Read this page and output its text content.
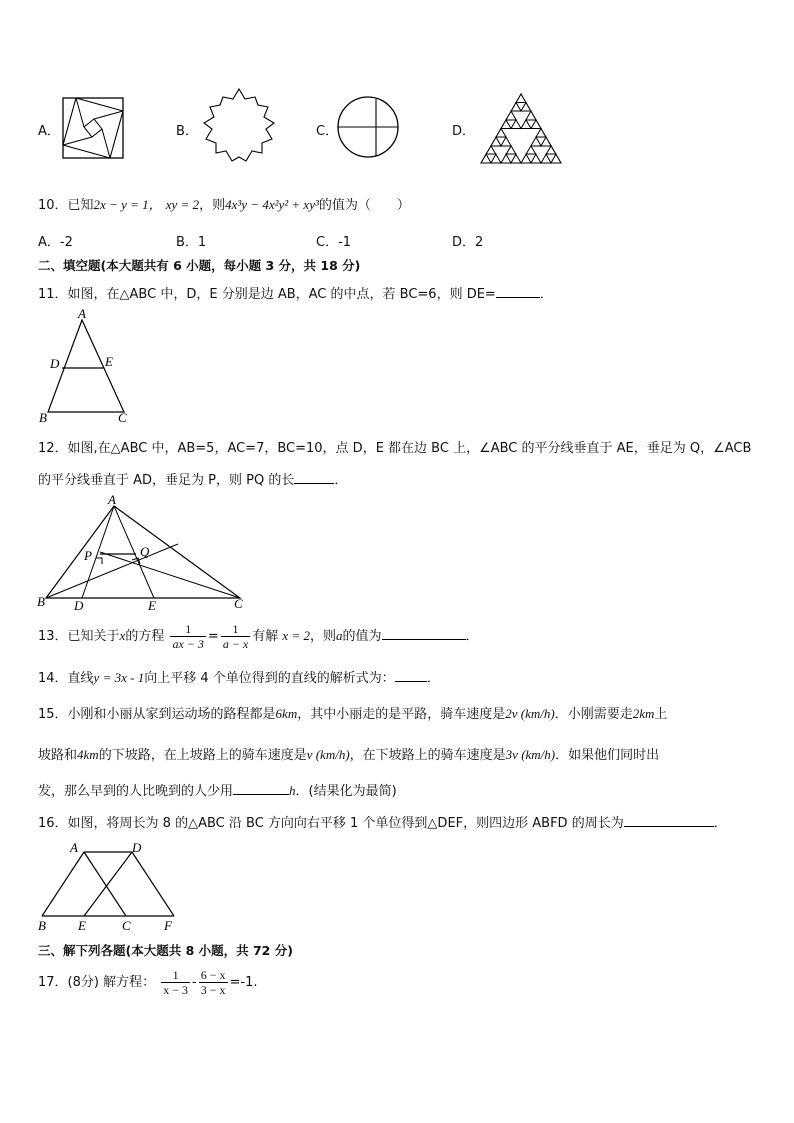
A．	B．	C．	D．
10．已知2x − y = 1， xy = 2，则4x³y − 4x²y² + xy³的值为（　　）
A．-2	B．1	C．-1	D．2
二、填空题(本大题共有 6 小题，每小题 3 分，共 18 分)
11．如图，在△ABC 中，D，E 分别是边 AB，AC 的中点，若 BC=6，则 DE=	．
A
D	E
B	C
12．如图,在△ABC 中，AB=5，AC=7，BC=10，点 D，E 都在边 BC 上，∠ABC 的平分线垂直于 AE，垂足为 Q，∠ACB
的平分线垂直于 AD，垂足为 P，则 PQ 的长	．
A
P	Q
B D	E	C
13．已知关于x的方程 $\frac{1}{ax - 3} = \frac{1}{a - x}$ 有解 x = 2，则a的值为	．
14．直线y = 3x - 1向上平移 4 个单位得到的直线的解析式为： ．
15．小刚和小丽从家到运动场的路程都是6km，其中小丽走的是平路，骑车速度是2v (km/h)．小刚需要走2km上
坡路和4km的下坡路，在上坡路上的骑车速度是v (km/h)，在下坡路上的骑车速度是3v (km/h)．如果他们同时出
发，那么早到的人比晚到的人少用	h．(结果化为最简)
16．如图，将周长为 8 的△ABC 沿 BC 方向向右平移 1 个单位得到△DEF，则四边形 ABFD 的周长为	．
A	D
B E	C	F
三、解下列各题(本大题共 8 小题，共 72 分)
17．(8分) 解方程： $\frac{1}{x - 3} - \frac{6 - x}{3 - x} =-1$.
